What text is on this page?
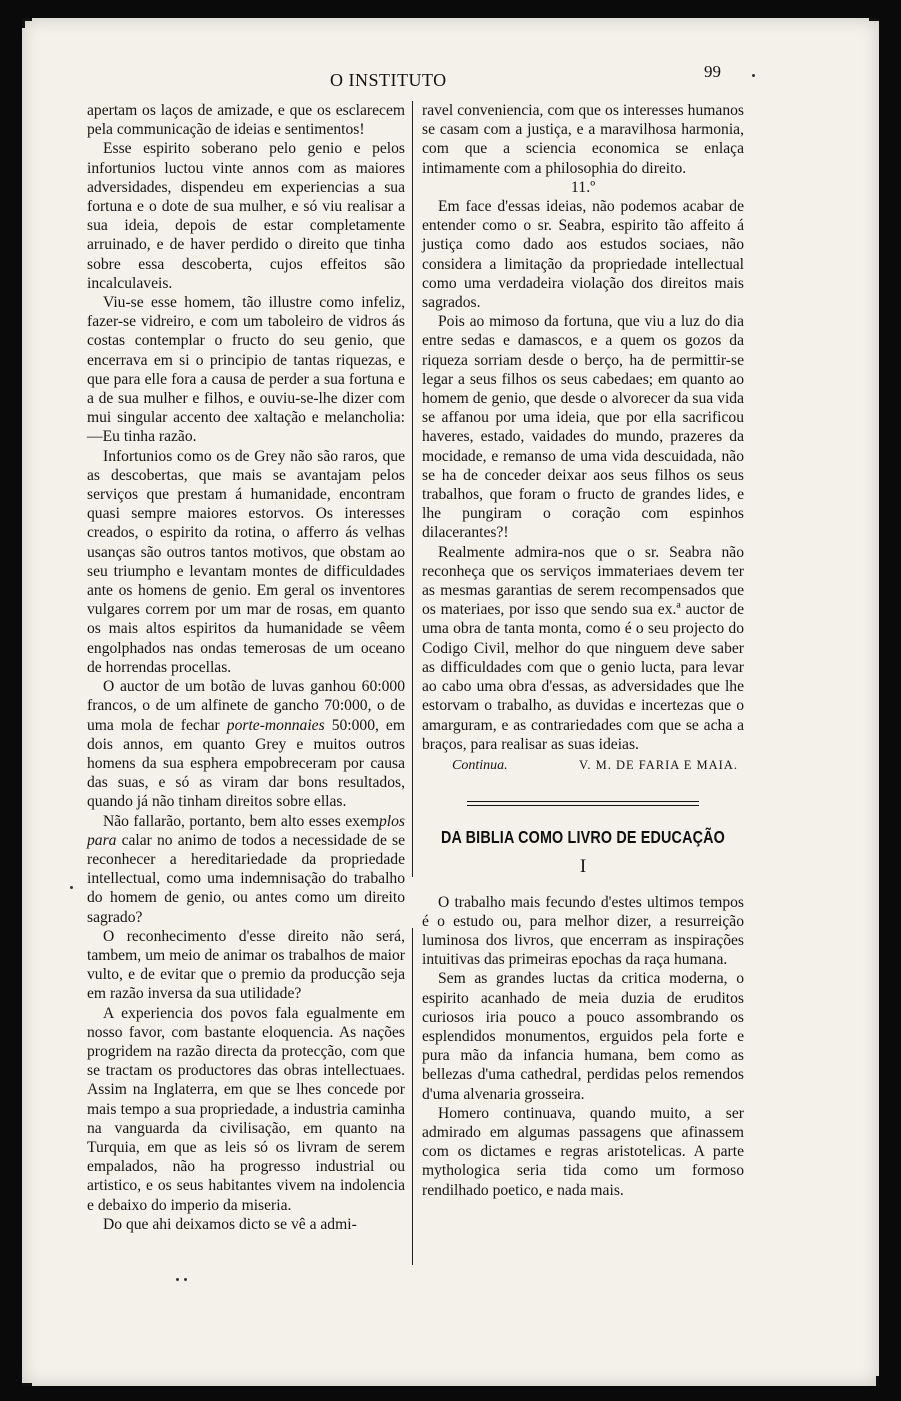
O INSTITUTO	99

apertam os laços de amizade, e que os esclarecem pela communicação de ideias e sentimentos!

Esse espirito soberano pelo genio e pelos infortunios luctou vinte annos com as maiores adversidades, dispendeu em experiencias a sua fortuna e o dote de sua mulher, e só viu realisar a sua ideia, depois de estar completamente arruinado, e de haver perdido o direito que tinha sobre essa descoberta, cujos effeitos são incalculaveis.

Viu-se esse homem, tão illustre como infeliz, fazer-se vidreiro, e com um taboleiro de vidros ás costas contemplar o fructo do seu genio, que encerrava em si o principio de tantas riquezas, e que para elle fora a causa de perder a sua fortuna e a de sua mulher e filhos, e ouviu-se-lhe dizer com mui singular accento dee xaltação e melancholia:—Eu tinha razão.

Infortunios como os de Grey não são raros, que as descobertas, que mais se avantajam pelos serviços que prestam á humanidade, encontram quasi sempre maiores estorvos. Os interesses creados, o espirito da rotina, o afferro ás velhas usanças são outros tantos motivos, que obstam ao seu triumpho e levantam montes de difficuldades ante os homens de genio. Em geral os inventores vulgares correm por um mar de rosas, em quanto os mais altos espiritos da humanidade se vêem engolphados nas ondas temerosas de um oceano de horrendas procellas.

O auctor de um botão de luvas ganhou 60:000 francos, o de um alfinete de gancho 70:000, o de uma mola de fechar porte-monnaies 50:000, em dois annos, em quanto Grey e muitos outros homens da sua esphera empobreceram por causa das suas, e só as viram dar bons resultados, quando já não tinham direitos sobre ellas.

Não fallarão, portanto, bem alto esses exemplos para calar no animo de todos a necessidade de se reconhecer a hereditariedade da propriedade intellectual, como uma indemnisação do trabalho do homem de genio, ou antes como um direito sagrado?

O reconhecimento d'esse direito não será, tambem, um meio de animar os trabalhos de maior vulto, e de evitar que o premio da producção seja em razão inversa da sua utilidade?

A experiencia dos povos fala egualmente em nosso favor, com bastante eloquencia. As nações progridem na razão directa da protecção, com que se tractam os productores das obras intellectuaes. Assim na Inglaterra, em que se lhes concede por mais tempo a sua propriedade, a industria caminha na vanguarda da civilisação, em quanto na Turquia, em que as leis só os livram de serem empalados, não ha progresso industrial ou artistico, e os seus habitantes vivem na indolencia e debaixo do imperio da miseria.

Do que ahi deixamos dicto se vê a admi-

ravel conveniencia, com que os interesses humanos se casam com a justiça, e a maravilhosa harmonia, com que a sciencia economica se enlaça intimamente com a philosophia do direito.

11.º

Em face d'essas ideias, não podemos acabar de entender como o sr. Seabra, espirito tão affeito á justiça como dado aos estudos sociaes, não considera a limitação da propriedade intellectual como uma verdadeira violação dos direitos mais sagrados.

Pois ao mimoso da fortuna, que viu a luz do dia entre sedas e damascos, e a quem os gozos da riqueza sorriam desde o berço, ha de permittir-se legar a seus filhos os seus cabedaes; em quanto ao homem de genio, que desde o alvorecer da sua vida se affanou por uma ideia, que por ella sacrificou haveres, estado, vaidades do mundo, prazeres da mocidade, e remanso de uma vida descuidada, não se ha de conceder deixar aos seus filhos os seus trabalhos, que foram o fructo de grandes lides, e lhe pungiram o coração com espinhos dilacerantes?!

Realmente admira-nos que o sr. Seabra não reconheça que os serviços immateriaes devem ter as mesmas garantias de serem recompensados que os materiaes, por isso que sendo sua ex.ª auctor de uma obra de tanta monta, como é o seu projecto do Codigo Civil, melhor do que ninguem deve saber as difficuldades com que o genio lucta, para levar ao cabo uma obra d'essas, as adversidades que lhe estorvam o trabalho, as duvidas e incertezas que o amarguram, e as contrariedades com que se acha a braços, para realisar as suas ideias.

Continua.	V. M. DE FARIA E MAIA.
DA BIBLIA COMO LIVRO DE EDUCAÇÃO
I

O trabalho mais fecundo d'estes ultimos tempos é o estudo ou, para melhor dizer, a resurreição luminosa dos livros, que encerram as inspirações intuitivas das primeiras epochas da raça humana.

Sem as grandes luctas da critica moderna, o espirito acanhado de meia duzia de eruditos curiosos iria pouco a pouco assombrando os esplendidos monumentos, erguidos pela forte e pura mão da infancia humana, bem como as bellezas d'uma cathedral, perdidas pelos remendos d'uma alvenaria grosseira.

Homero continuava, quando muito, a ser admirado em algumas passagens que afinassem com os dictames e regras aristotelicas. A parte mythologica seria tida como um formoso rendilhado poetico, e nada mais.
